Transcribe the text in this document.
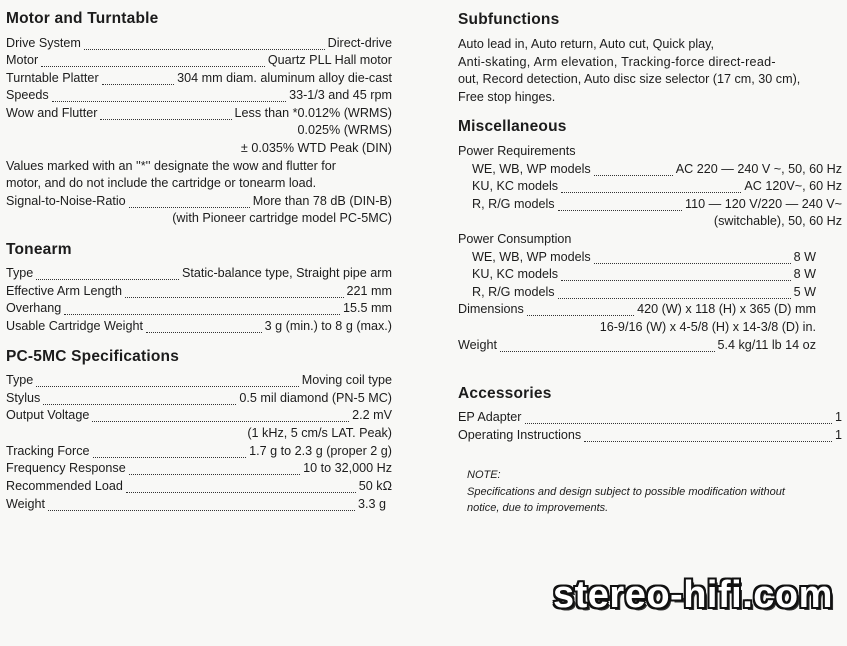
Motor and Turntable
Drive System	Direct-drive
Motor	Quartz PLL Hall motor
Turntable Platter	304 mm diam. aluminum alloy die-cast
Speeds	33-1/3 and 45 rpm
Wow and Flutter	Less than *0.012% (WRMS)
0.025% (WRMS)
± 0.035% WTD Peak (DIN)
Values marked with an ''*'' designate the wow and flutter for
motor, and do not include the cartridge or tonearm load.
Signal-to-Noise-Ratio	More than 78 dB (DIN-B)
(with Pioneer cartridge model PC-5MC)
Tonearm
Type	Static-balance type, Straight pipe arm
Effective Arm Length	221 mm
Overhang	15.5 mm
Usable Cartridge Weight	3 g (min.) to 8 g (max.)
PC-5MC Specifications
Type	Moving coil type
Stylus	0.5 mil diamond (PN-5 MC)
Output Voltage	2.2 mV
(1 kHz, 5 cm/s LAT. Peak)
Tracking Force	1.7 g to 2.3 g (proper 2 g)
Frequency Response	10 to 32,000 Hz
Recommended Load	50 kΩ
Weight	3.3 g
Subfunctions
Auto lead in, Auto return, Auto cut, Quick play,
Anti-skating, Arm elevation, Tracking-force direct-read-
out, Record detection, Auto disc size selector (17 cm, 30 cm),
Free stop hinges.
Miscellaneous
Power Requirements
WE, WB, WP models	AC 220 — 240 V ~, 50, 60 Hz
KU, KC models	AC 120V~, 60 Hz
R, R/G models	110 — 120 V/220 — 240 V~
(switchable), 50, 60 Hz
Power Consumption
WE, WB, WP models	8 W
KU, KC models	8 W
R, R/G models	5 W
Dimensions	420 (W) x 118 (H) x 365 (D) mm
16-9/16 (W) x 4-5/8 (H) x 14-3/8 (D) in.
Weight	5.4 kg/11 lb 14 oz
Accessories
EP Adapter	1
Operating Instructions	1
NOTE:
Specifications and design subject to possible modification without
notice, due to improvements.
stereo-hifi.com
